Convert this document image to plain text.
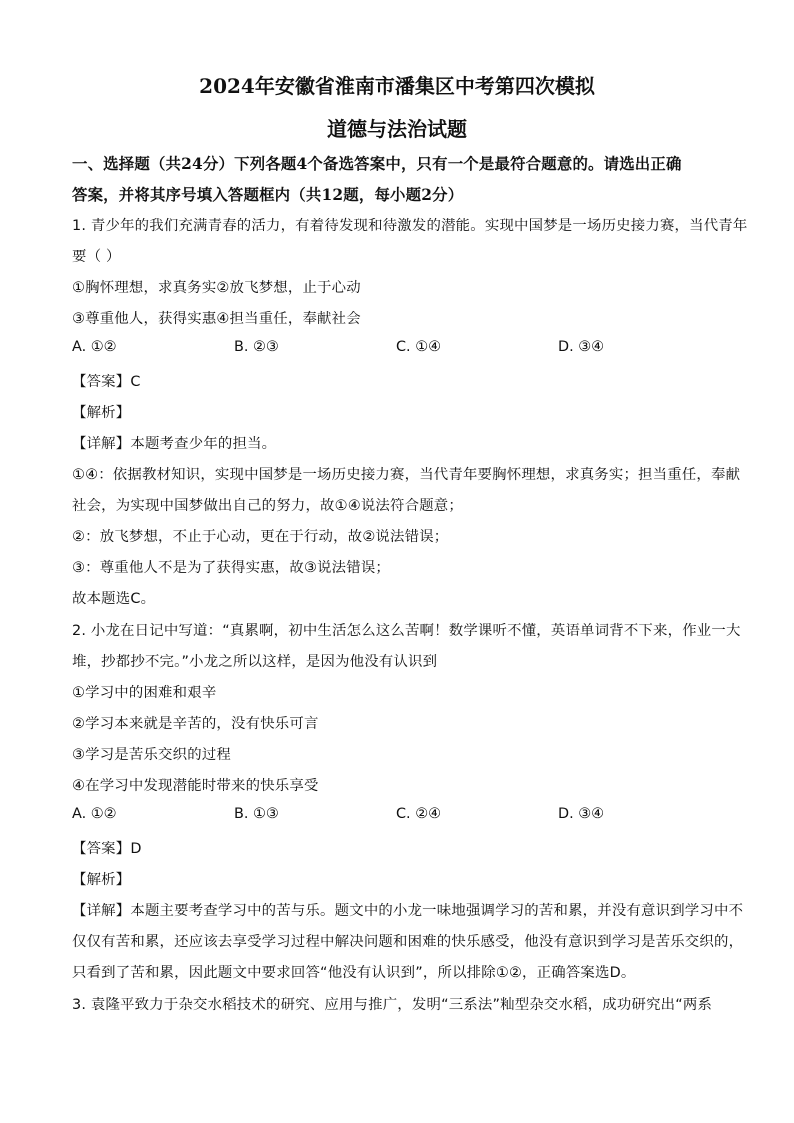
2024年安徽省淮南市潘集区中考第四次模拟
道德与法治试题
一、选择题（共24分）下列各题4个备选答案中，只有一个是最符合题意的。请选出正确
答案，并将其序号填入答题框内（共12题，每小题2分）
1. 青少年的我们充满青春的活力，有着待发现和待激发的潜能。实现中国梦是一场历史接力赛，当代青年
要（ ）
①胸怀理想，求真务实②放飞梦想，止于心动
③尊重他人，获得实惠④担当重任，奉献社会
A. ①②	B. ②③	C. ①④	D. ③④
【答案】C
【解析】
【详解】本题考查少年的担当。
①④：依据教材知识，实现中国梦是一场历史接力赛，当代青年要胸怀理想，求真务实；担当重任，奉献
社会，为实现中国梦做出自己的努力，故①④说法符合题意；
②：放飞梦想，不止于心动，更在于行动，故②说法错误；
③：尊重他人不是为了获得实惠，故③说法错误；
故本题选C。
2. 小龙在日记中写道：“真累啊，初中生活怎么这么苦啊！数学课听不懂，英语单词背不下来，作业一大
堆，抄都抄不完。”小龙之所以这样，是因为他没有认识到
①学习中的困难和艰辛
②学习本来就是辛苦的，没有快乐可言
③学习是苦乐交织的过程
④在学习中发现潜能时带来的快乐享受
A. ①②	B. ①③	C. ②④	D. ③④
【答案】D
【解析】
【详解】本题主要考查学习中的苦与乐。题文中的小龙一味地强调学习的苦和累，并没有意识到学习中不
仅仅有苦和累，还应该去享受学习过程中解决问题和困难的快乐感受，他没有意识到学习是苦乐交织的，
只看到了苦和累，因此题文中要求回答“他没有认识到”，所以排除①②，正确答案选D。
3. 袁隆平致力于杂交水稻技术的研究、应用与推广，发明“三系法”籼型杂交水稻，成功研究出“两系
